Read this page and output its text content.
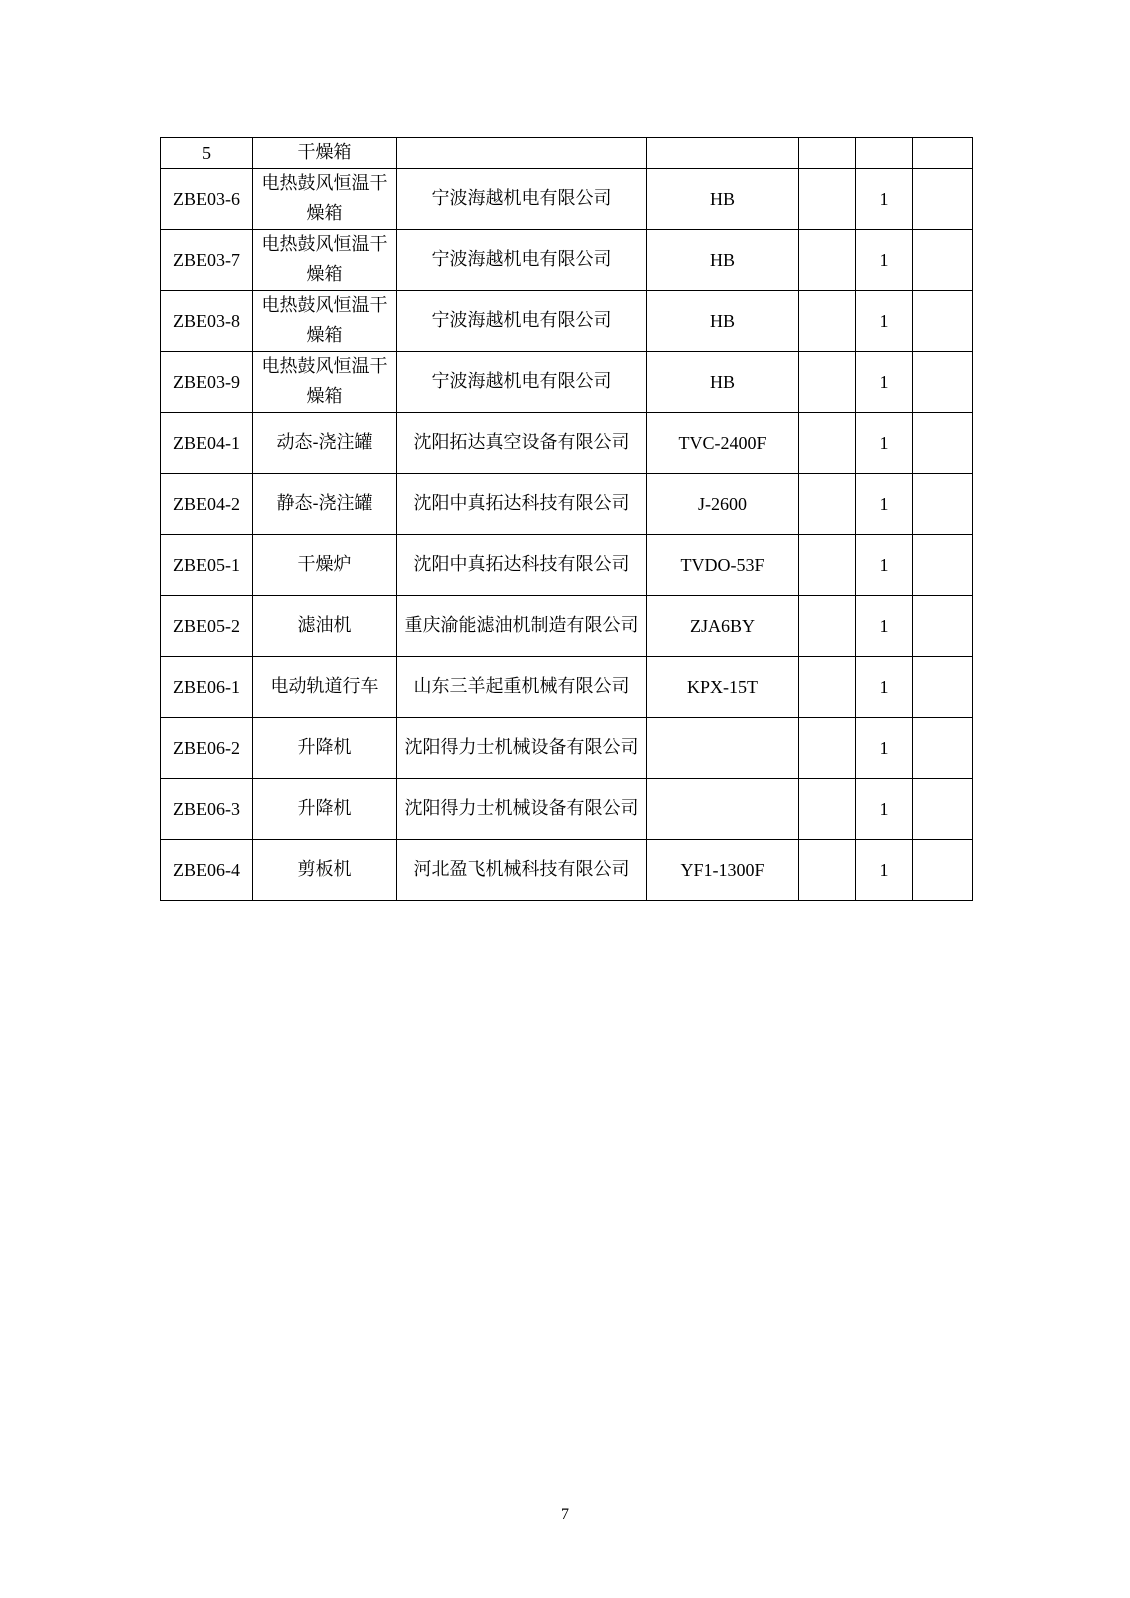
5	干燥箱					
ZBE03-6	电热鼓风恒温干燥箱	宁波海越机电有限公司	HB		1	
ZBE03-7	电热鼓风恒温干燥箱	宁波海越机电有限公司	HB		1	
ZBE03-8	电热鼓风恒温干燥箱	宁波海越机电有限公司	HB		1	
ZBE03-9	电热鼓风恒温干燥箱	宁波海越机电有限公司	HB		1	
ZBE04-1	动态-浇注罐	沈阳拓达真空设备有限公司	TVC-2400F		1	
ZBE04-2	静态-浇注罐	沈阳中真拓达科技有限公司	J-2600		1	
ZBE05-1	干燥炉	沈阳中真拓达科技有限公司	TVDO-53F		1	
ZBE05-2	滤油机	重庆渝能滤油机制造有限公司	ZJA6BY		1	
ZBE06-1	电动轨道行车	山东三羊起重机械有限公司	KPX-15T		1	
ZBE06-2	升降机	沈阳得力士机械设备有限公司			1	
ZBE06-3	升降机	沈阳得力士机械设备有限公司			1	
ZBE06-4	剪板机	河北盈飞机械科技有限公司	YF1-1300F		1	
7
